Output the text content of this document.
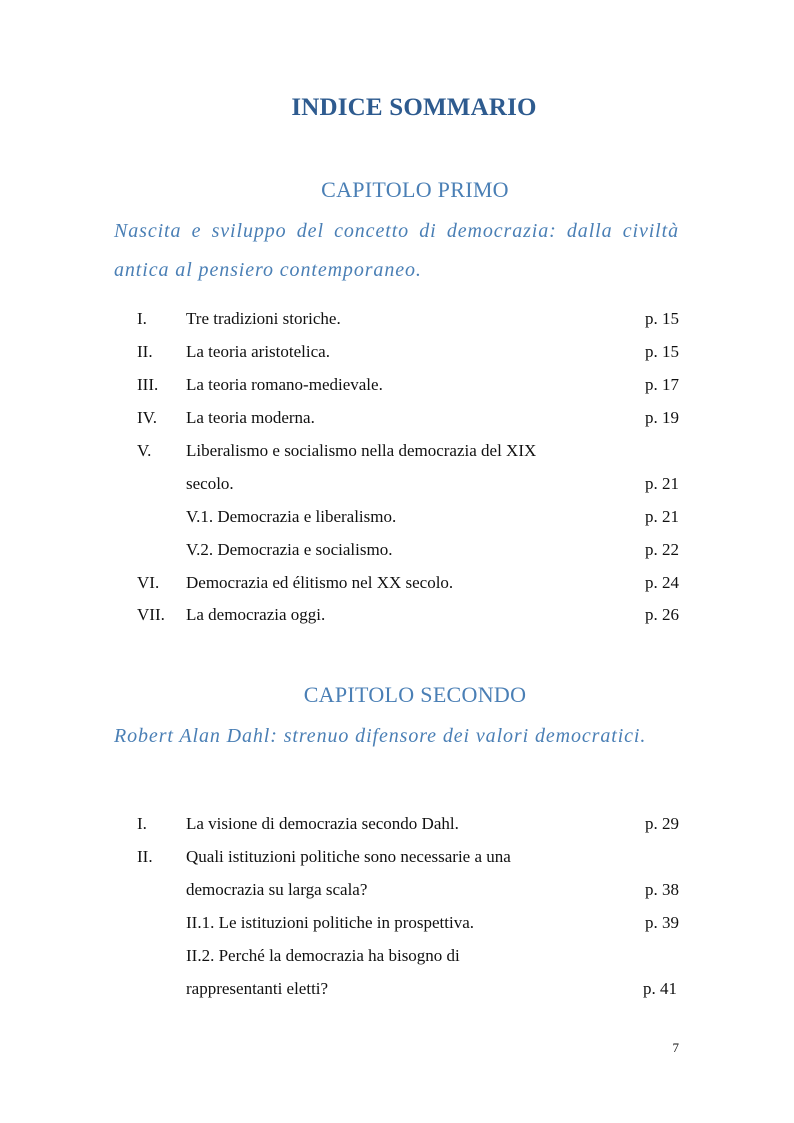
INDICE SOMMARIO
CAPITOLO PRIMO
Nascita e sviluppo del concetto di democrazia: dalla civiltà antica al pensiero contemporaneo.
I. Tre tradizioni storiche.	p. 15
II. La teoria aristotelica.	p. 15
III. La teoria romano-medievale.	p. 17
IV. La teoria moderna.	p. 19
V. Liberalismo e socialismo nella democrazia del XIX
secolo.	p. 21
V.1. Democrazia e liberalismo.	p. 21
V.2. Democrazia e socialismo.	p. 22
VI. Democrazia ed élitismo nel XX secolo.	p. 24
VII. La democrazia oggi.	p. 26
CAPITOLO SECONDO
Robert Alan Dahl: strenuo difensore dei valori democratici.
I. La visione di democrazia secondo Dahl.	p. 29
II. Quali istituzioni politiche sono necessarie a una
democrazia su larga scala?	p. 38
II.1. Le istituzioni politiche in prospettiva.	p. 39
II.2. Perché la democrazia ha bisogno di
rappresentanti eletti?	p. 41
7
